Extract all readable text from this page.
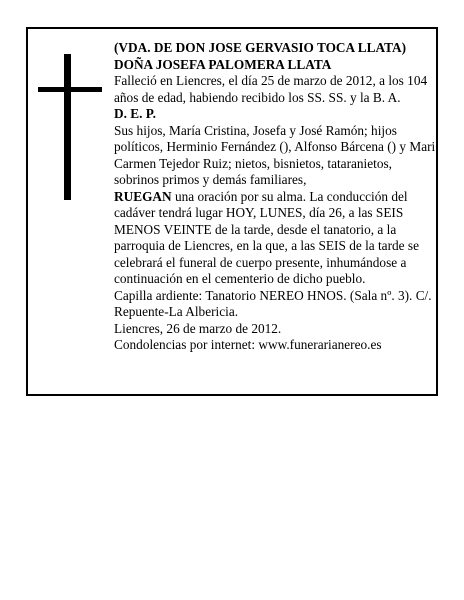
(VDA. DE DON JOSE GERVASIO TOCA LLATA)

DOÑA JOSEFA PALOMERA LLATA

Falleció en Liencres, el día 25 de marzo de 2012, a los 104 años de edad, habiendo recibido los SS. SS. y la B. A.

D. E. P.

Sus hijos, María Cristina, Josefa y José Ramón; hijos políticos, Herminio Fernández (), Alfonso Bárcena () y Mari Carmen Tejedor Ruiz; nietos, bisnietos, tataranietos, sobrinos primos y demás familiares,

RUEGAN una oración por su alma. La conducción del cadáver tendrá lugar HOY, LUNES, día 26, a las SEIS MENOS VEINTE de la tarde, desde el tanatorio, a la parroquia de Liencres, en la que, a las SEIS de la tarde se celebrará el funeral de cuerpo presente, inhumándose a continuación en el cementerio de dicho pueblo.

Capilla ardiente: Tanatorio NEREO HNOS. (Sala nº. 3). C/. Repuente-La Albericia.

Liencres, 26 de marzo de 2012.

Condolencias por internet: www.funerarianereo.es
